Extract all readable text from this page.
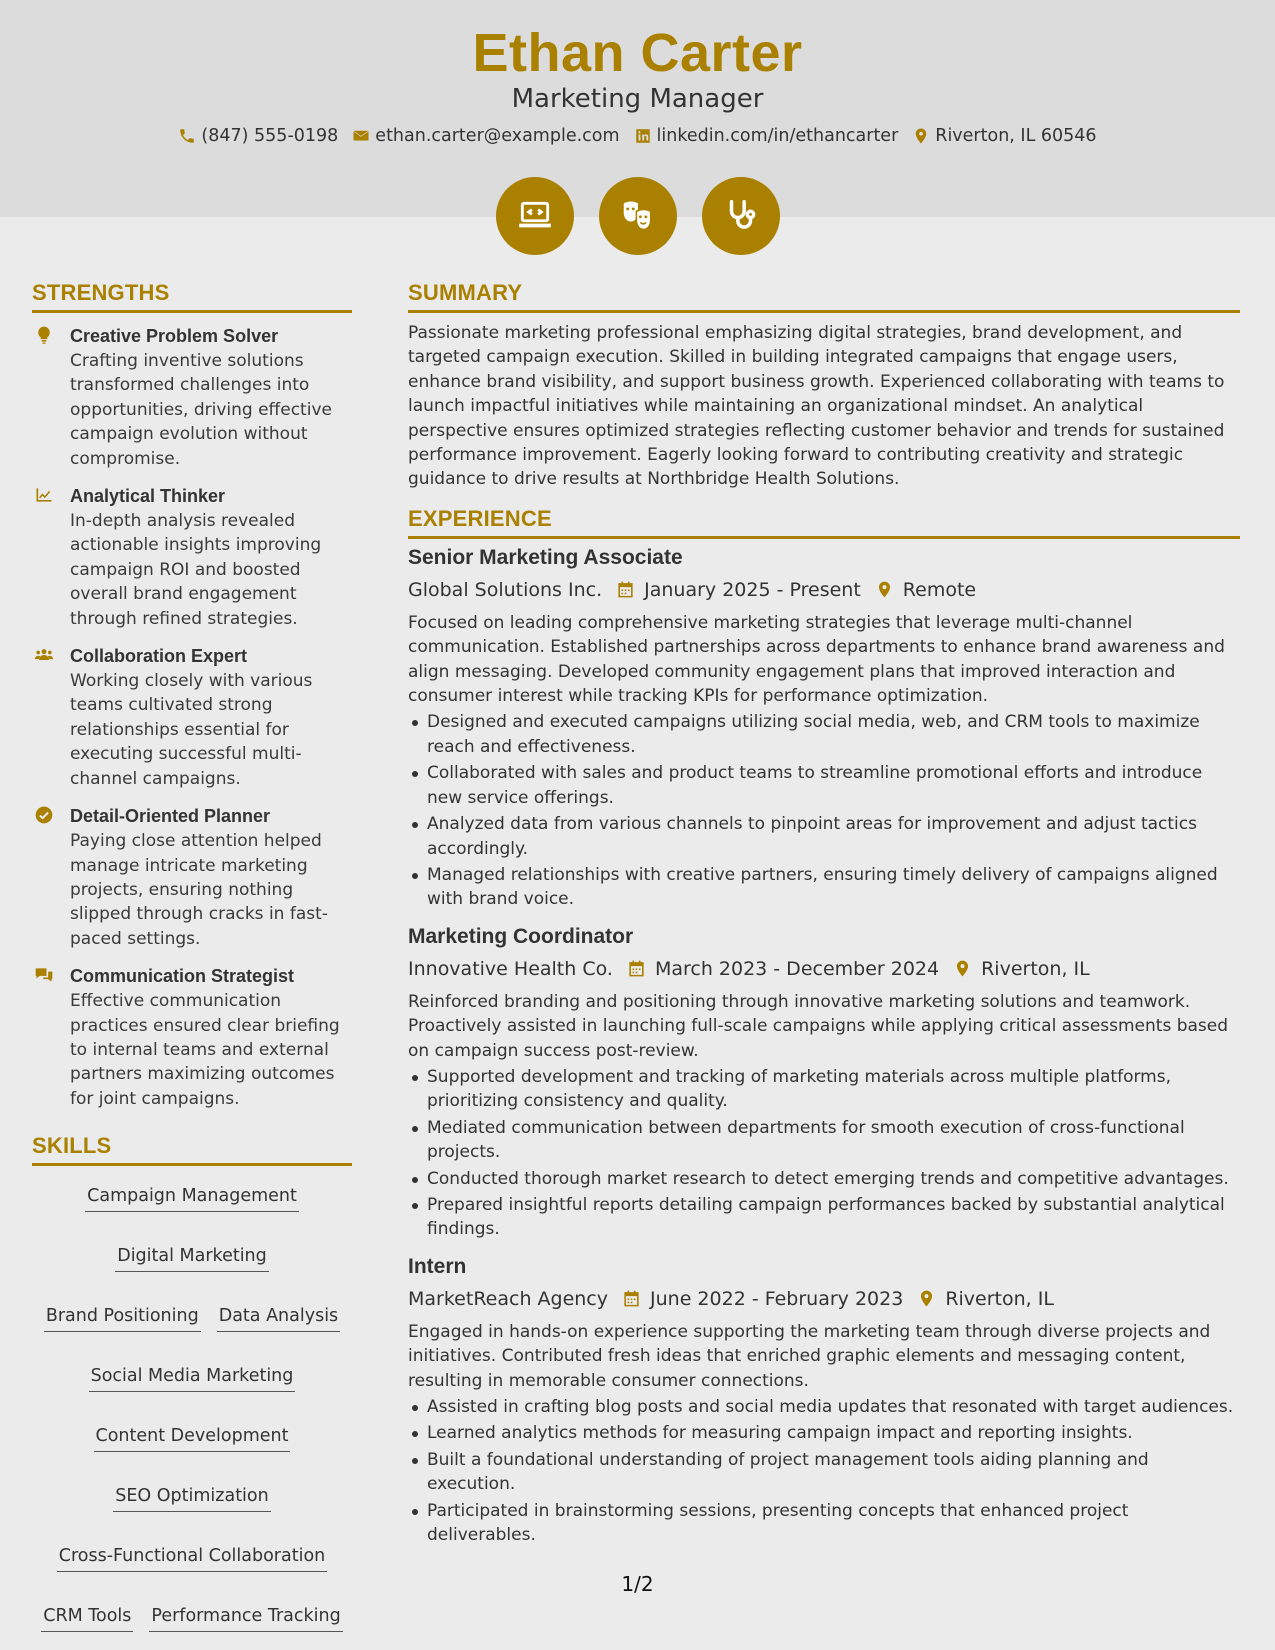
Ethan Carter
Marketing Manager
(847) 555-0198 ethan.carter@example.com linkedin.com/in/ethancarter Riverton, IL 60546
STRENGTHS
Creative Problem Solver
Crafting inventive solutions transformed challenges into opportunities, driving effective campaign evolution without compromise.
Analytical Thinker
In-depth analysis revealed actionable insights improving campaign ROI and boosted overall brand engagement through refined strategies.
Collaboration Expert
Working closely with various teams cultivated strong relationships essential for executing successful multi-channel campaigns.
Detail-Oriented Planner
Paying close attention helped manage intricate marketing projects, ensuring nothing slipped through cracks in fast-paced settings.
Communication Strategist
Effective communication practices ensured clear briefing to internal teams and external partners maximizing outcomes for joint campaigns.
SKILLS
Campaign Management
Digital Marketing
Brand Positioning Data Analysis
Social Media Marketing
Content Development
SEO Optimization
Cross-Functional Collaboration
CRM Tools Performance Tracking
SUMMARY
Passionate marketing professional emphasizing digital strategies, brand development, and targeted campaign execution. Skilled in building integrated campaigns that engage users, enhance brand visibility, and support business growth. Experienced collaborating with teams to launch impactful initiatives while maintaining an organizational mindset. An analytical perspective ensures optimized strategies reflecting customer behavior and trends for sustained performance improvement. Eagerly looking forward to contributing creativity and strategic guidance to drive results at Northbridge Health Solutions.
EXPERIENCE
Senior Marketing Associate
Global Solutions Inc. January 2025 - Present Remote
Focused on leading comprehensive marketing strategies that leverage multi-channel communication. Established partnerships across departments to enhance brand awareness and align messaging. Developed community engagement plans that improved interaction and consumer interest while tracking KPIs for performance optimization.
Designed and executed campaigns utilizing social media, web, and CRM tools to maximize reach and effectiveness.
Collaborated with sales and product teams to streamline promotional efforts and introduce new service offerings.
Analyzed data from various channels to pinpoint areas for improvement and adjust tactics accordingly.
Managed relationships with creative partners, ensuring timely delivery of campaigns aligned with brand voice.
Marketing Coordinator
Innovative Health Co. March 2023 - December 2024 Riverton, IL
Reinforced branding and positioning through innovative marketing solutions and teamwork. Proactively assisted in launching full-scale campaigns while applying critical assessments based on campaign success post-review.
Supported development and tracking of marketing materials across multiple platforms, prioritizing consistency and quality.
Mediated communication between departments for smooth execution of cross-functional projects.
Conducted thorough market research to detect emerging trends and competitive advantages.
Prepared insightful reports detailing campaign performances backed by substantial analytical findings.
Intern
MarketReach Agency June 2022 - February 2023 Riverton, IL
Engaged in hands-on experience supporting the marketing team through diverse projects and initiatives. Contributed fresh ideas that enriched graphic elements and messaging content, resulting in memorable consumer connections.
Assisted in crafting blog posts and social media updates that resonated with target audiences.
Learned analytics methods for measuring campaign impact and reporting insights.
Built a foundational understanding of project management tools aiding planning and execution.
Participated in brainstorming sessions, presenting concepts that enhanced project deliverables.
1/2
